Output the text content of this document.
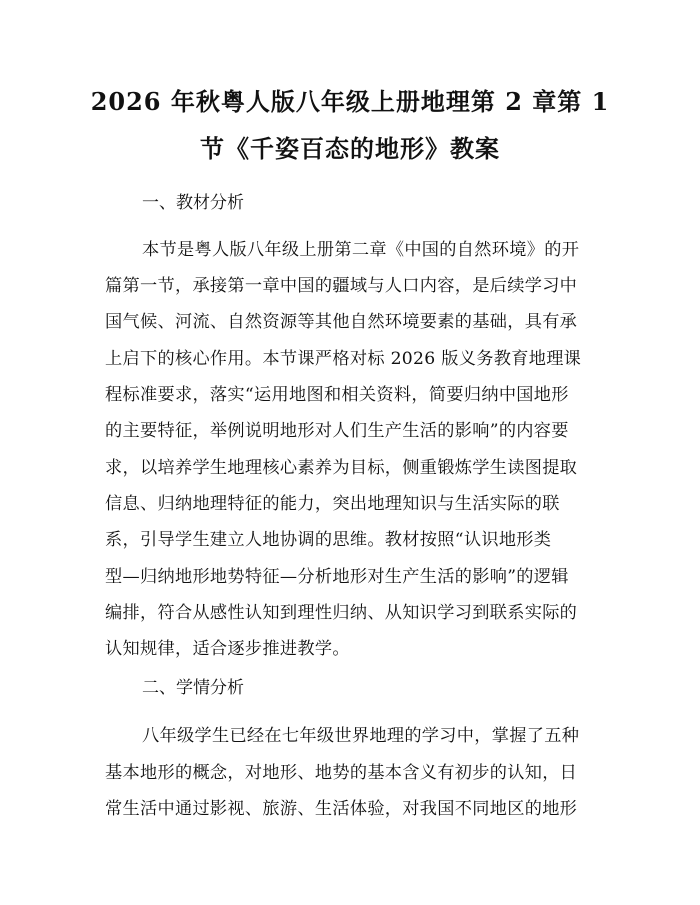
2026 年秋粤人版八年级上册地理第 2 章第 1
节《千姿百态的地形》教案
一、教材分析
本节是粤人版八年级上册第二章《中国的自然环境》的开
篇第一节，承接第一章中国的疆域与人口内容，是后续学习中
国气候、河流、自然资源等其他自然环境要素的基础，具有承
上启下的核心作用。本节课严格对标 2026 版义务教育地理课
程标准要求，落实“运用地图和相关资料，简要归纳中国地形
的主要特征，举例说明地形对人们生产生活的影响”的内容要
求，以培养学生地理核心素养为目标，侧重锻炼学生读图提取
信息、归纳地理特征的能力，突出地理知识与生活实际的联
系，引导学生建立人地协调的思维。教材按照“认识地形类
型—归纳地形地势特征—分析地形对生产生活的影响”的逻辑
编排，符合从感性认知到理性归纳、从知识学习到联系实际的
认知规律，适合逐步推进教学。
二、学情分析
八年级学生已经在七年级世界地理的学习中，掌握了五种
基本地形的概念，对地形、地势的基本含义有初步的认知，日
常生活中通过影视、旅游、生活体验，对我国不同地区的地形
